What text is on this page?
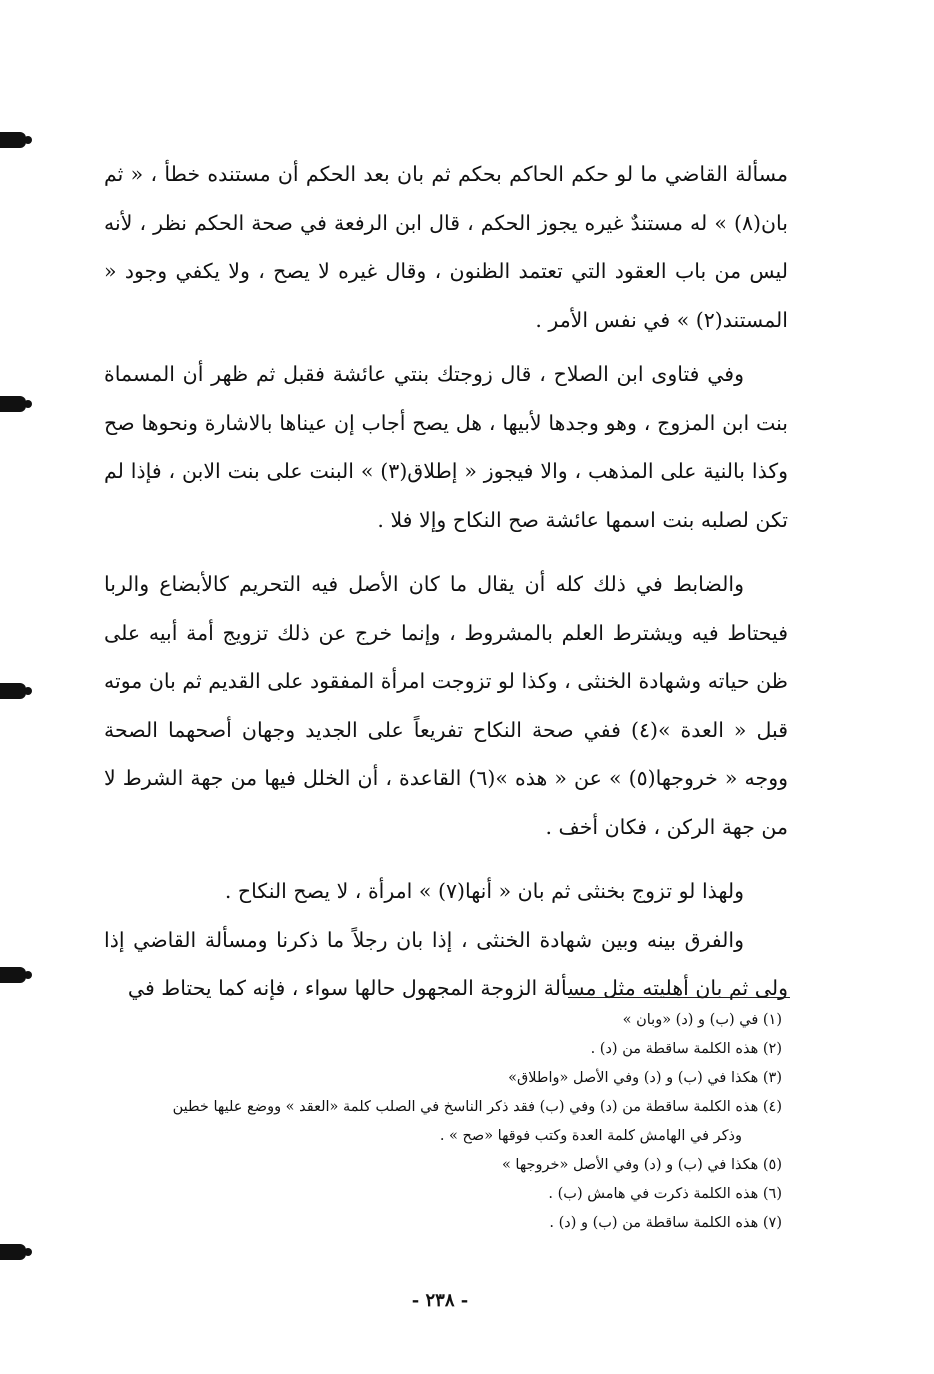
مسألة القاضي ما لو حكم الحاكم بحكم ثم بان بعد الحكم أن مستنده خطأ ، « ثم بان(٨) » له مستندٌ غيره يجوز الحكم ، قال ابن الرفعة في صحة الحكم نظر ، لأنه ليس من باب العقود التي تعتمد الظنون ، وقال غيره لا يصح ، ولا يكفي وجود « المستند(٢) » في نفس الأمر .

وفي فتاوى ابن الصلاح ، قال زوجتك بنتي عائشة فقبل ثم ظهر أن المسماة بنت ابن المزوج ، وهو وجدها لأبيها ، هل يصح أجاب إن عيناها بالاشارة ونحوها صح وكذا بالنية على المذهب ، والا فيجوز « إطلاق(٣) » البنت على بنت الابن ، فإذا لم تكن لصلبه بنت اسمها عائشة صح النكاح وإلا فلا .

والضابط في ذلك كله أن يقال ما كان الأصل فيه التحريم كالأبضاع والربا فيحتاط فيه ويشترط العلم بالمشروط ، وإنما خرج عن ذلك تزويج أمة أبيه على ظن حياته وشهادة الخنثى ، وكذا لو تزوجت امرأة المفقود على القديم ثم بان موته قبل « العدة »(٤) ففي صحة النكاح تفريعاً على الجديد وجهان أصحهما الصحة ووجه « خروجها(٥) » عن « هذه »(٦) القاعدة ، أن الخلل فيها من جهة الشرط لا من جهة الركن ، فكان أخف .

ولهذا لو تزوج بخنثى ثم بان « أنها(٧) » امرأة ، لا يصح النكاح .

والفرق بينه وبين شهادة الخنثى ، إذا بان رجلاً ما ذكرنا ومسألة القاضي إذا ولى ثم بان أهليته مثل مسألة الزوجة المجهول حالها سواء ، فإنه كما يحتاط في

(١) في (ب) و (د) «وبان »

(٢) هذه الكلمة ساقطة من (د) .

(٣) هكذا في (ب) و (د) وفي الأصل «واطلاق»

(٤) هذه الكلمة ساقطة من (د) وفي (ب) فقد ذكر الناسخ في الصلب كلمة «العقد » ووضع عليها خطين

وذكر في الهامش كلمة العدة وكتب فوقها «صح » .

(٥) هكذا في (ب) و (د) وفي الأصل «خروجها »

(٦) هذه الكلمة ذكرت في هامش (ب) .

(٧) هذه الكلمة ساقطة من (ب) و (د) .

- ٢٣٨ -
